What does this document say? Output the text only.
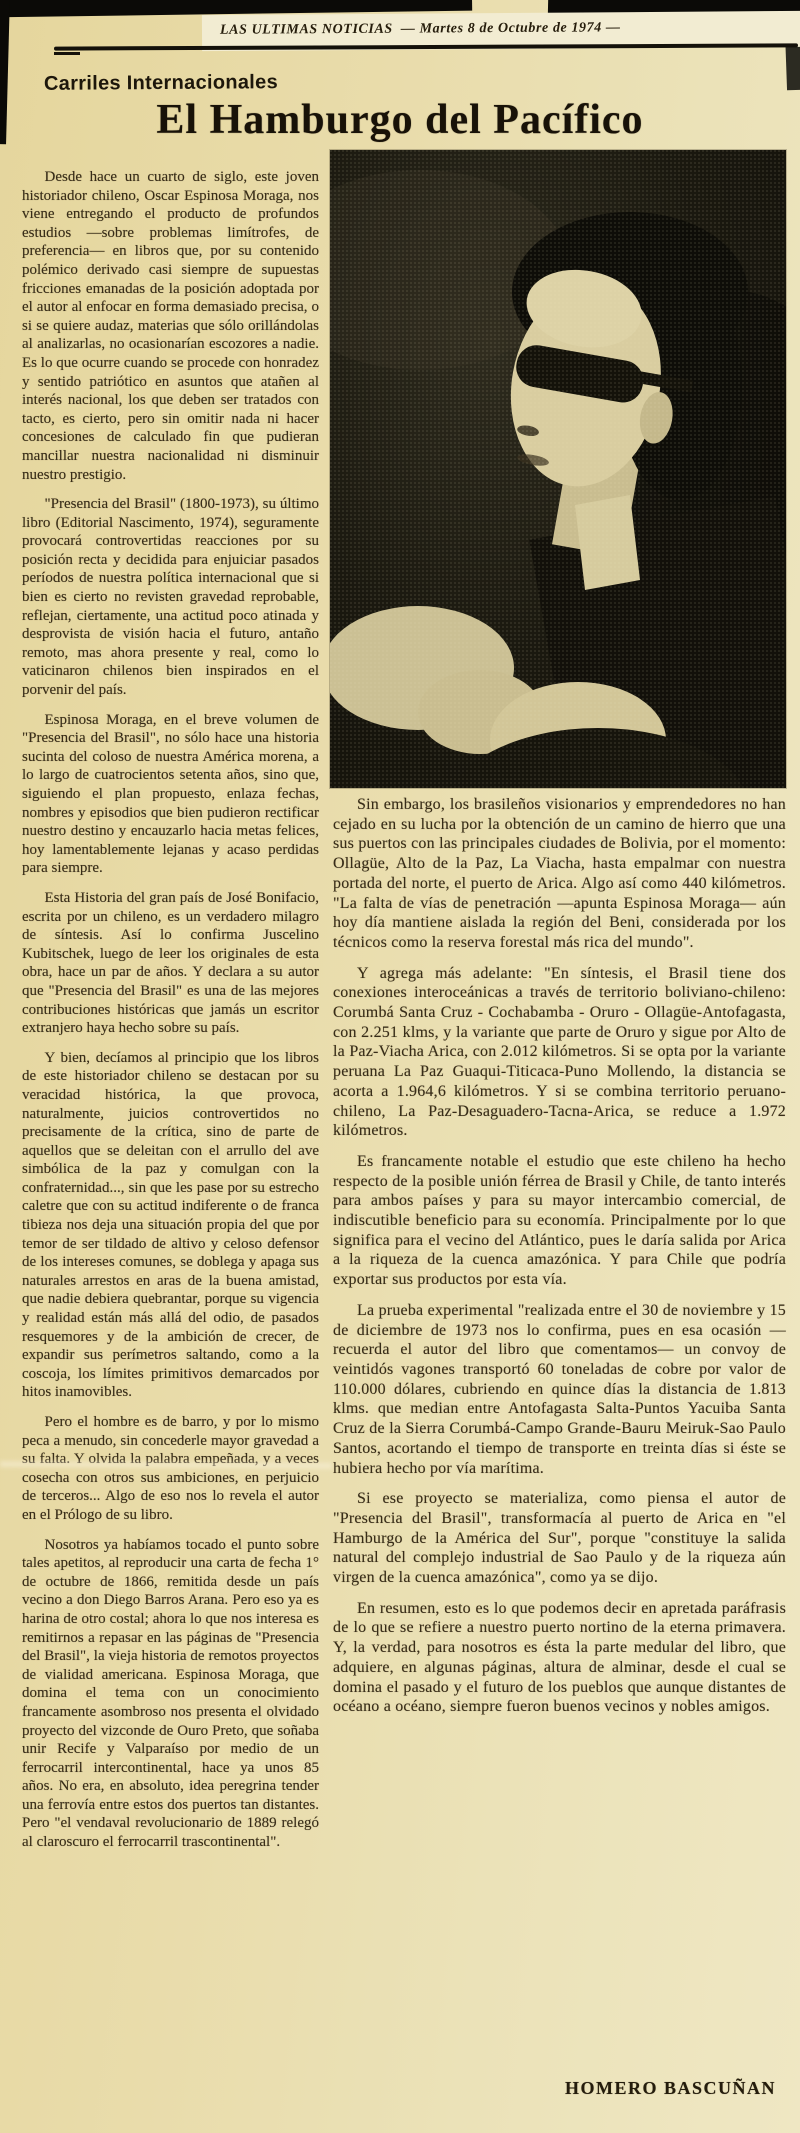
LAS ULTIMAS NOTICIAS — Martes 8 de Octubre de 1974 —
Carriles Internacionales
El Hamburgo del Pacífico

Desde hace un cuarto de siglo, este joven historiador chileno, Oscar Espinosa Moraga, nos viene entregando el producto de profundos estudios —sobre problemas limítrofes, de preferencia— en libros que, por su contenido polémico derivado casi siempre de supuestas fricciones emanadas de la posición adoptada por el autor al enfocar en forma demasiado precisa, o si se quiere audaz, materias que sólo orillándolas al analizarlas, no ocasionarían escozores a nadie. Es lo que ocurre cuando se procede con honradez y sentido patriótico en asuntos que atañen al interés nacional, los que deben ser tratados con tacto, es cierto, pero sin omitir nada ni hacer concesiones de calculado fin que pudieran mancillar nuestra nacionalidad ni disminuir nuestro prestigio.

"Presencia del Brasil" (1800-1973), su último libro (Editorial Nascimento, 1974), seguramente provocará controvertidas reacciones por su posición recta y decidida para enjuiciar pasados períodos de nuestra política internacional que si bien es cierto no revisten gravedad reprobable, reflejan, ciertamente, una actitud poco atinada y desprovista de visión hacia el futuro, antaño remoto, mas ahora presente y real, como lo vaticinaron chilenos bien inspirados en el porvenir del país.

Espinosa Moraga, en el breve volumen de "Presencia del Brasil", no sólo hace una historia sucinta del coloso de nuestra América morena, a lo largo de cuatrocientos setenta años, sino que, siguiendo el plan propuesto, enlaza fechas, nombres y episodios que bien pudieron rectificar nuestro destino y encauzarlo hacia metas felices, hoy lamentablemente lejanas y acaso perdidas para siempre.

Esta Historia del gran país de José Bonifacio, escrita por un chileno, es un verdadero milagro de síntesis. Así lo confirma Juscelino Kubitschek, luego de leer los originales de esta obra, hace un par de años. Y declara a su autor que "Presencia del Brasil" es una de las mejores contribuciones históricas que jamás un escritor extranjero haya hecho sobre su país.

Y bien, decíamos al principio que los libros de este historiador chileno se destacan por su veracidad histórica, la que provoca, naturalmente, juicios controvertidos no precisamente de la crítica, sino de parte de aquellos que se deleitan con el arrullo del ave simbólica de la paz y comulgan con la confraternidad..., sin que les pase por su estrecho caletre que con su actitud indiferente o de franca tibieza nos deja una situación propia del que por temor de ser tildado de altivo y celoso defensor de los intereses comunes, se doblega y apaga sus naturales arrestos en aras de la buena amistad, que nadie debiera quebrantar, porque su vigencia y realidad están más allá del odio, de pasados resquemores y de la ambición de crecer, de expandir sus perímetros saltando, como a la coscoja, los límites primitivos demarcados por hitos inamovibles.

Pero el hombre es de barro, y por lo mismo peca a menudo, sin concederle mayor gravedad a su falta. Y olvida la palabra empeñada, y a veces cosecha con otros sus ambiciones, en perjuicio de terceros... Algo de eso nos lo revela el autor en el Prólogo de su libro.

Nosotros ya habíamos tocado el punto sobre tales apetitos, al reproducir una carta de fecha 1° de octubre de 1866, remitida desde un país vecino a don Diego Barros Arana. Pero eso ya es harina de otro costal; ahora lo que nos interesa es remitirnos a repasar en las páginas de "Presencia del Brasil", la vieja historia de remotos proyectos de vialidad americana. Espinosa Moraga, que domina el tema con un conocimiento francamente asombroso nos presenta el olvidado proyecto del vizconde de Ouro Preto, que soñaba unir Recife y Valparaíso por medio de un ferrocarril intercontinental, hace ya unos 85 años. No era, en absoluto, idea peregrina tender una ferrovía entre estos dos puertos tan distantes. Pero "el vendaval revolucionario de 1889 relegó al claroscuro el ferrocarril trascontinental".

Sin embargo, los brasileños visionarios y emprendedores no han cejado en su lucha por la obtención de un camino de hierro que una sus puertos con las principales ciudades de Bolivia, por el momento: Ollagüe, Alto de la Paz, La Viacha, hasta empalmar con nuestra portada del norte, el puerto de Arica. Algo así como 440 kilómetros. "La falta de vías de penetración —apunta Espinosa Moraga— aún hoy día mantiene aislada la región del Beni, considerada por los técnicos como la reserva forestal más rica del mundo".

Y agrega más adelante: "En síntesis, el Brasil tiene dos conexiones interoceánicas a través de territorio boliviano-chileno: Corumbá Santa Cruz - Cochabamba - Oruro - Ollagüe-Antofagasta, con 2.251 klms, y la variante que parte de Oruro y sigue por Alto de la Paz-Viacha Arica, con 2.012 kilómetros. Si se opta por la variante peruana La Paz Guaqui-Titicaca-Puno Mollendo, la distancia se acorta a 1.964,6 kilómetros. Y si se combina territorio peruano-chileno, La Paz-Desaguadero-Tacna-Arica, se reduce a 1.972 kilómetros.

Es francamente notable el estudio que este chileno ha hecho respecto de la posible unión férrea de Brasil y Chile, de tanto interés para ambos países y para su mayor intercambio comercial, de indiscutible beneficio para su economía. Principalmente por lo que significa para el vecino del Atlántico, pues le daría salida por Arica a la riqueza de la cuenca amazónica. Y para Chile que podría exportar sus productos por esta vía.

La prueba experimental "realizada entre el 30 de noviembre y 15 de diciembre de 1973 nos lo confirma, pues en esa ocasión —recuerda el autor del libro que comentamos— un convoy de veintidós vagones transportó 60 toneladas de cobre por valor de 110.000 dólares, cubriendo en quince días la distancia de 1.813 klms. que median entre Antofagasta Salta-Puntos Yacuiba Santa Cruz de la Sierra Corumbá-Campo Grande-Bauru Meiruk-Sao Paulo Santos, acortando el tiempo de transporte en treinta días si éste se hubiera hecho por vía marítima.

Si ese proyecto se materializa, como piensa el autor de "Presencia del Brasil", transformacía al puerto de Arica en "el Hamburgo de la América del Sur", porque "constituye la salida natural del complejo industrial de Sao Paulo y de la riqueza aún virgen de la cuenca amazónica", como ya se dijo.

En resumen, esto es lo que podemos decir en apretada paráfrasis de lo que se refiere a nuestro puerto nortino de la eterna primavera. Y, la verdad, para nosotros es ésta la parte medular del libro, que adquiere, en algunas páginas, altura de alminar, desde el cual se domina el pasado y el futuro de los pueblos que aunque distantes de océano a océano, siempre fueron buenos vecinos y nobles amigos.

HOMERO BASCUÑAN
